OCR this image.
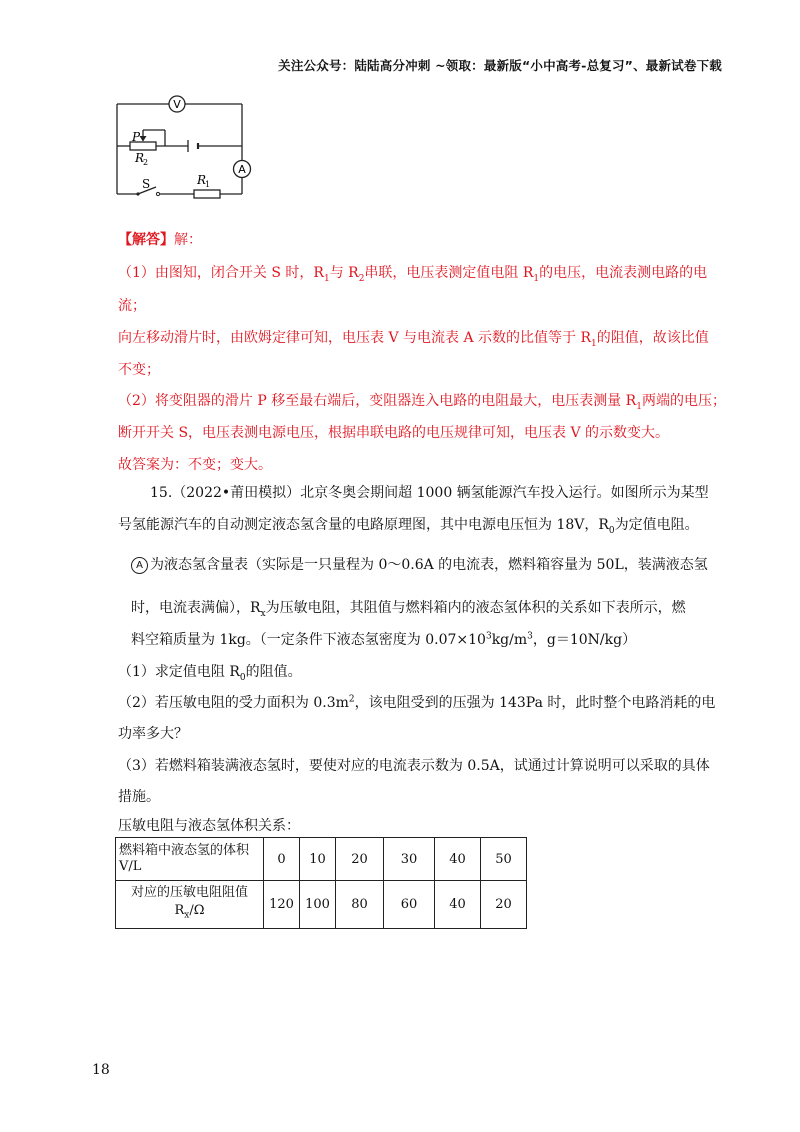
关注公众号：陆陆高分冲刺 ~领取：最新版“小中高考-总复习”、最新试卷下载
V
A
P
R
2
S	R
1
【解答】解：
（1）由图知，闭合开关 S 时，$R_1$与 $R_2$串联，电压表测定值电阻 $R_1$的电压，电流表测电路的电
流；
向左移动滑片时，由欧姆定律可知，电压表 V 与电流表 A 示数的比值等于 $R_1$的阻值，故该比值
不变；
（2）将变阻器的滑片 P 移至最右端后，变阻器连入电路的电阻最大，电压表测量 $R_1$两端的电压；
断开开关 S，电压表测电源电压，根据串联电路的电压规律可知，电压表 V 的示数变大。
故答案为：不变；变大。
15.（2022•莆田模拟）北京冬奥会期间超 1000 辆氢能源汽车投入运行。如图所示为某型
号氢能源汽车的自动测定液态氢含量的电路原理图，其中电源电压恒为 18V，$R_0$为定值电阻。
A 为液态氢含量表（实际是一只量程为 0～0.6A 的电流表，燃料箱容量为 50L，装满液态氢
时，电流表满偏），$R_x$为压敏电阻，其阻值与燃料箱内的液态氢体积的关系如下表所示，燃
料空箱质量为 1kg。（一定条件下液态氢密度为 $0.07\times 10^3kg/m^3$，g＝10N/kg）
（1）求定值电阻 $R_0$的阻值。
（2）若压敏电阻的受力面积为 $0.3m^2$，该电阻受到的压强为 143Pa 时，此时整个电路消耗的电
功率多大？
（3）若燃料箱装满液态氢时，要使对应的电流表示数为 0.5A，试通过计算说明可以采取的具体
措施。
压敏电阻与液态氢体积关系：
燃料箱中液态氢的体积 V/L	0	10	20	30	40	50
对应的压敏电阻阻值
$R_x/\Omega$	120	100	80	60	40	20
18
